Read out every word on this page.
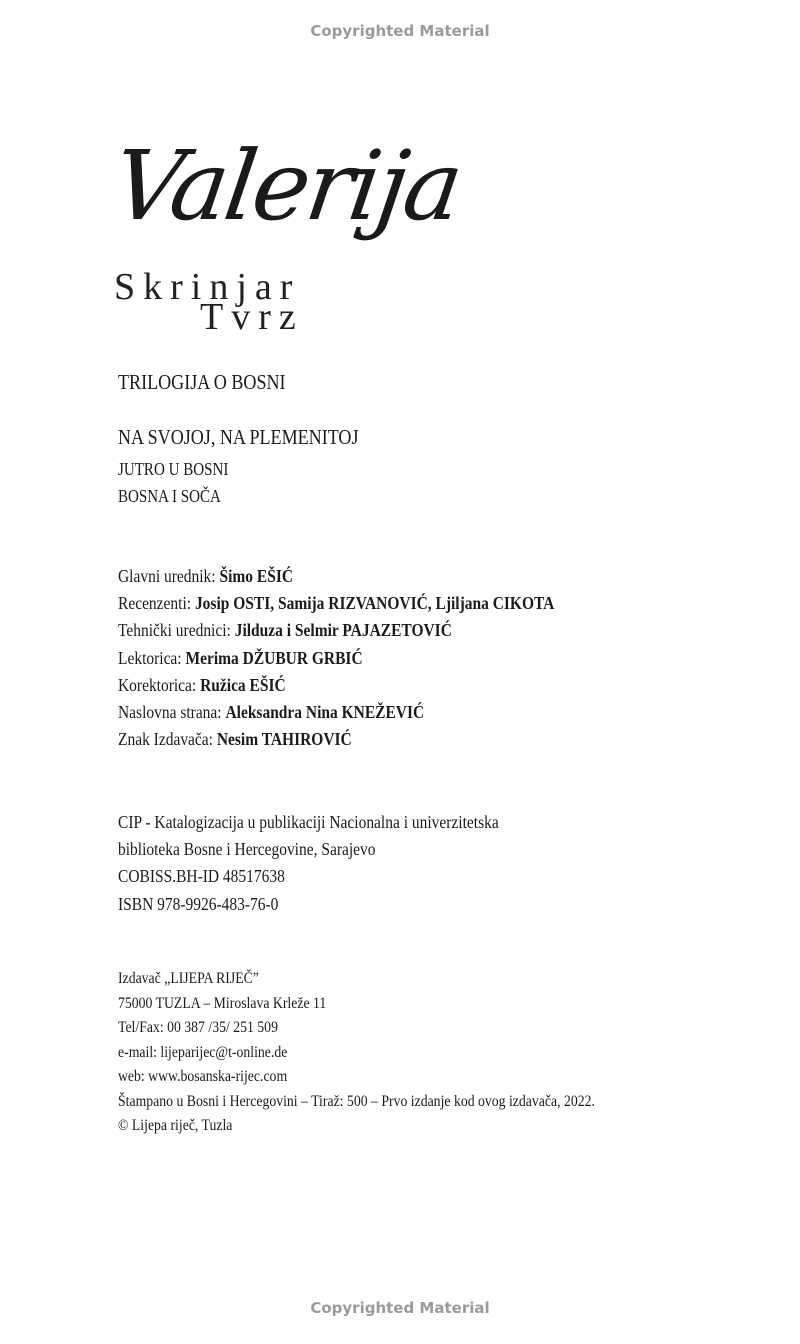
Copyrighted Material
Valerija
Skrinjar
Tvrz
TRILOGIJA O BOSNI
NA SVOJOJ, NA PLEMENITOJ
JUTRO U BOSNI
BOSNA I SOČA
Glavni urednik: Šimo EŠIĆ
Recenzenti: Josip OSTI, Samija RIZVANOVIĆ, Ljiljana CIKOTA
Tehnički urednici: Jilduza i Selmir PAJAZETOVIĆ
Lektorica: Merima DŽUBUR GRBIĆ
Korektorica: Ružica EŠIĆ
Naslovna strana: Aleksandra Nina KNEŽEVIĆ
Znak Izdavača: Nesim TAHIROVIĆ
CIP - Katalogizacija u publikaciji Nacionalna i univerzitetska
biblioteka Bosne i Hercegovine, Sarajevo
COBISS.BH-ID 48517638
ISBN 978-9926-483-76-0
Izdavač „LIJEPA RIJEČ”
75000 TUZLA – Miroslava Krleže 11
Tel/Fax: 00 387 /35/ 251 509
e-mail: lijeparijec@t-online.de
web: www.bosanska-rijec.com
Štampano u Bosni i Hercegovini – Tiraž: 500 – Prvo izdanje kod ovog izdavača, 2022.
© Lijepa riječ, Tuzla
Copyrighted Material
